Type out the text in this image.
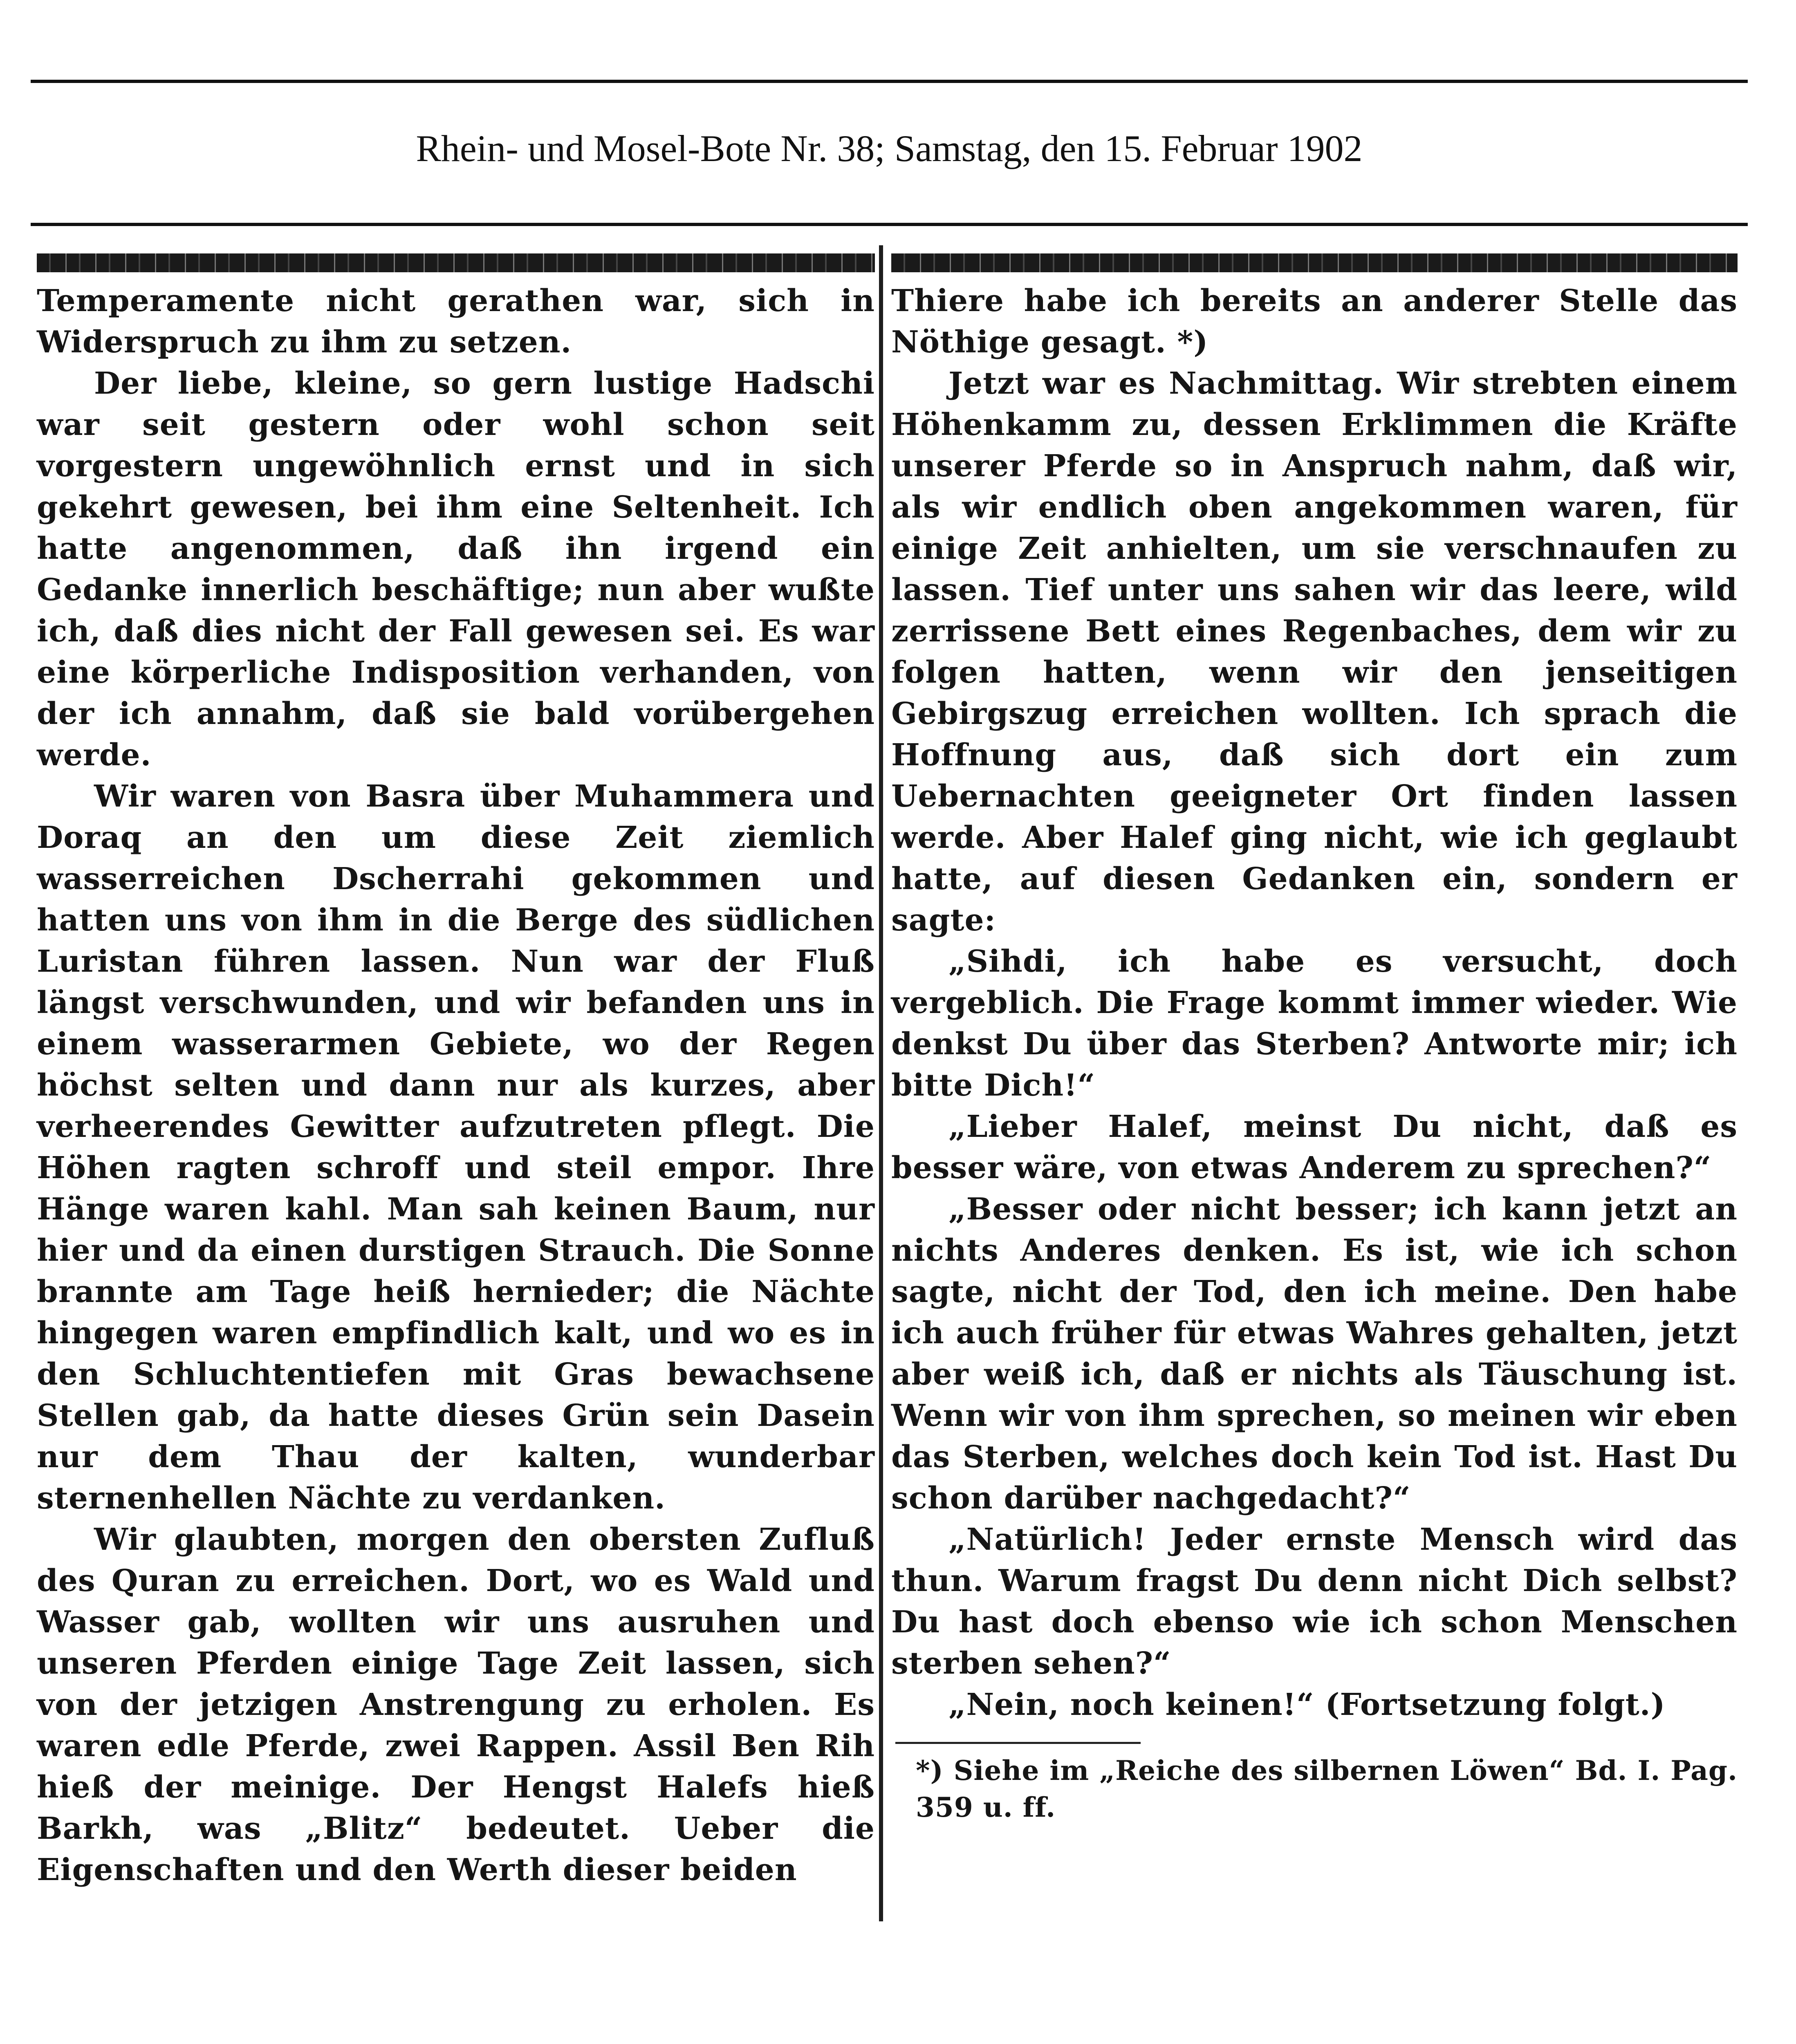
Rhein- und Mosel-Bote Nr. 38; Samstag, den 15. Februar 1902

Temperamente nicht gerathen war, sich in Widerspruch zu ihm zu setzen.

Der liebe, kleine, so gern lustige Hadschi war seit gestern oder wohl schon seit vorgestern ungewöhnlich ernst und in sich gekehrt gewesen, bei ihm eine Seltenheit. Ich hatte angenommen, daß ihn irgend ein Gedanke innerlich beschäftige; nun aber wußte ich, daß dies nicht der Fall gewesen sei. Es war eine körperliche Indisposition verhanden, von der ich annahm, daß sie bald vorübergehen werde.

Wir waren von Basra über Muhammera und Doraq an den um diese Zeit ziemlich wasserreichen Dscherrahi gekommen und hatten uns von ihm in die Berge des südlichen Luristan führen lassen. Nun war der Fluß längst verschwunden, und wir befanden uns in einem wasserarmen Gebiete, wo der Regen höchst selten und dann nur als kurzes, aber verheerendes Gewitter aufzutreten pflegt. Die Höhen ragten schroff und steil empor. Ihre Hänge waren kahl. Man sah keinen Baum, nur hier und da einen durstigen Strauch. Die Sonne brannte am Tage heiß hernieder; die Nächte hingegen waren empfindlich kalt, und wo es in den Schluchtentiefen mit Gras bewachsene Stellen gab, da hatte dieses Grün sein Dasein nur dem Thau der kalten, wunderbar sternenhellen Nächte zu verdanken.

Wir glaubten, morgen den obersten Zufluß des Quran zu erreichen. Dort, wo es Wald und Wasser gab, wollten wir uns ausruhen und unseren Pferden einige Tage Zeit lassen, sich von der jetzigen Anstrengung zu erholen. Es waren edle Pferde, zwei Rappen. Assil Ben Rih hieß der meinige. Der Hengst Halefs hieß Barkh, was „Blitz“ bedeutet. Ueber die Eigenschaften und den Werth dieser beiden

Thiere habe ich bereits an anderer Stelle das Nöthige gesagt. *)

Jetzt war es Nachmittag. Wir strebten einem Höhenkamm zu, dessen Erklimmen die Kräfte unserer Pferde so in Anspruch nahm, daß wir, als wir endlich oben angekommen waren, für einige Zeit anhielten, um sie verschnaufen zu lassen. Tief unter uns sahen wir das leere, wild zerrissene Bett eines Regenbaches, dem wir zu folgen hatten, wenn wir den jenseitigen Gebirgszug erreichen wollten. Ich sprach die Hoffnung aus, daß sich dort ein zum Uebernachten geeigneter Ort finden lassen werde. Aber Halef ging nicht, wie ich geglaubt hatte, auf diesen Gedanken ein, sondern er sagte:

„Sihdi, ich habe es versucht, doch vergeblich. Die Frage kommt immer wieder. Wie denkst Du über das Sterben? Antworte mir; ich bitte Dich!“

„Lieber Halef, meinst Du nicht, daß es besser wäre, von etwas Anderem zu sprechen?“

„Besser oder nicht besser; ich kann jetzt an nichts Anderes denken. Es ist, wie ich schon sagte, nicht der Tod, den ich meine. Den habe ich auch früher für etwas Wahres gehalten, jetzt aber weiß ich, daß er nichts als Täuschung ist. Wenn wir von ihm sprechen, so meinen wir eben das Sterben, welches doch kein Tod ist. Hast Du schon darüber nachgedacht?“

„Natürlich! Jeder ernste Mensch wird das thun. Warum fragst Du denn nicht Dich selbst? Du hast doch ebenso wie ich schon Menschen sterben sehen?“

„Nein, noch keinen!“ (Fortsetzung folgt.)

*) Siehe im „Reiche des silbernen Löwen“ Bd. I. Pag. 359 u. ff.
